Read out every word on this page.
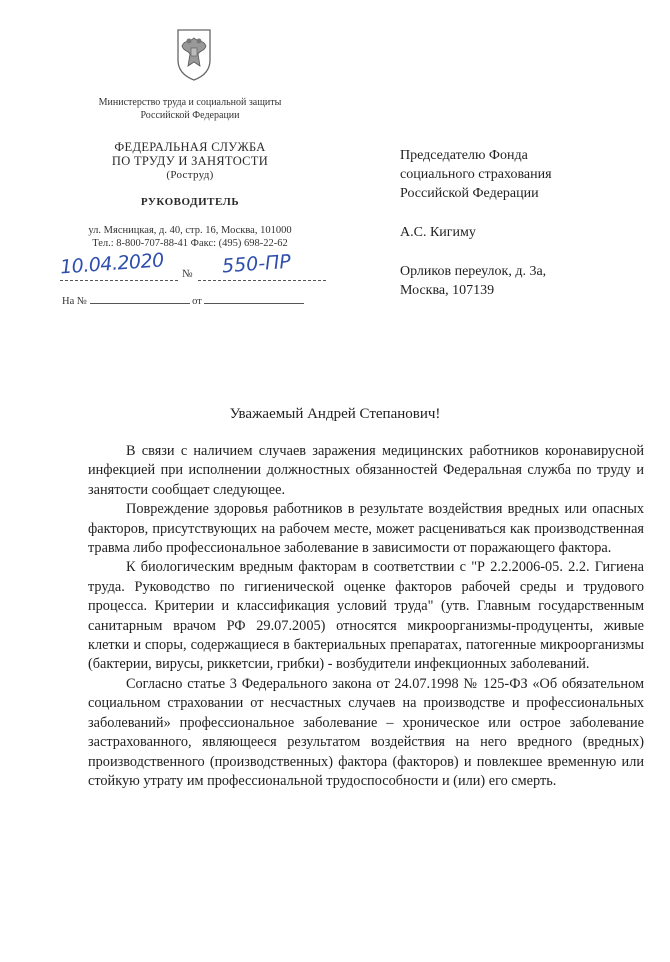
Министерство труда и социальной защиты
Российской Федерации
ФЕДЕРАЛЬНАЯ СЛУЖБА
ПО ТРУДУ И ЗАНЯТОСТИ
(Роструд)
РУКОВОДИТЕЛЬ
ул. Мясницкая, д. 40, стр. 16, Москва, 101000
Тел.: 8-800-707-88-41 Факс: (495) 698-22-62
10.04.2020	№ 550-ПР
На №	от
Председателю Фонда
социального страхования
Российской Федерации
А.С. Кигиму
Орликов переулок, д. 3а,
Москва, 107139
Уважаемый Андрей Степанович!

В связи с наличием случаев заражения медицинских работников коронавирусной инфекцией при исполнении должностных обязанностей Федеральная служба по труду и занятости сообщает следующее.

Повреждение здоровья работников в результате воздействия вредных или опасных факторов, присутствующих на рабочем месте, может расцениваться как производственная травма либо профессиональное заболевание в зависимости от поражающего фактора.

К биологическим вредным факторам в соответствии с "Р 2.2.2006-05. 2.2. Гигиена труда. Руководство по гигиенической оценке факторов рабочей среды и трудового процесса. Критерии и классификация условий труда" (утв. Главным государственным санитарным врачом РФ 29.07.2005) относятся микроорганизмы-продуценты, живые клетки и споры, содержащиеся в бактериальных препаратах, патогенные микроорганизмы (бактерии, вирусы, риккетсии, грибки) - возбудители инфекционных заболеваний.

Согласно статье 3 Федерального закона от 24.07.1998 № 125-ФЗ «Об обязательном социальном страховании от несчастных случаев на производстве и профессиональных заболеваний» профессиональное заболевание – хроническое или острое заболевание застрахованного, являющееся результатом воздействия на него вредного (вредных) производственного (производственных) фактора (факторов) и повлекшее временную или стойкую утрату им профессиональной трудоспособности и (или) его смерть.
